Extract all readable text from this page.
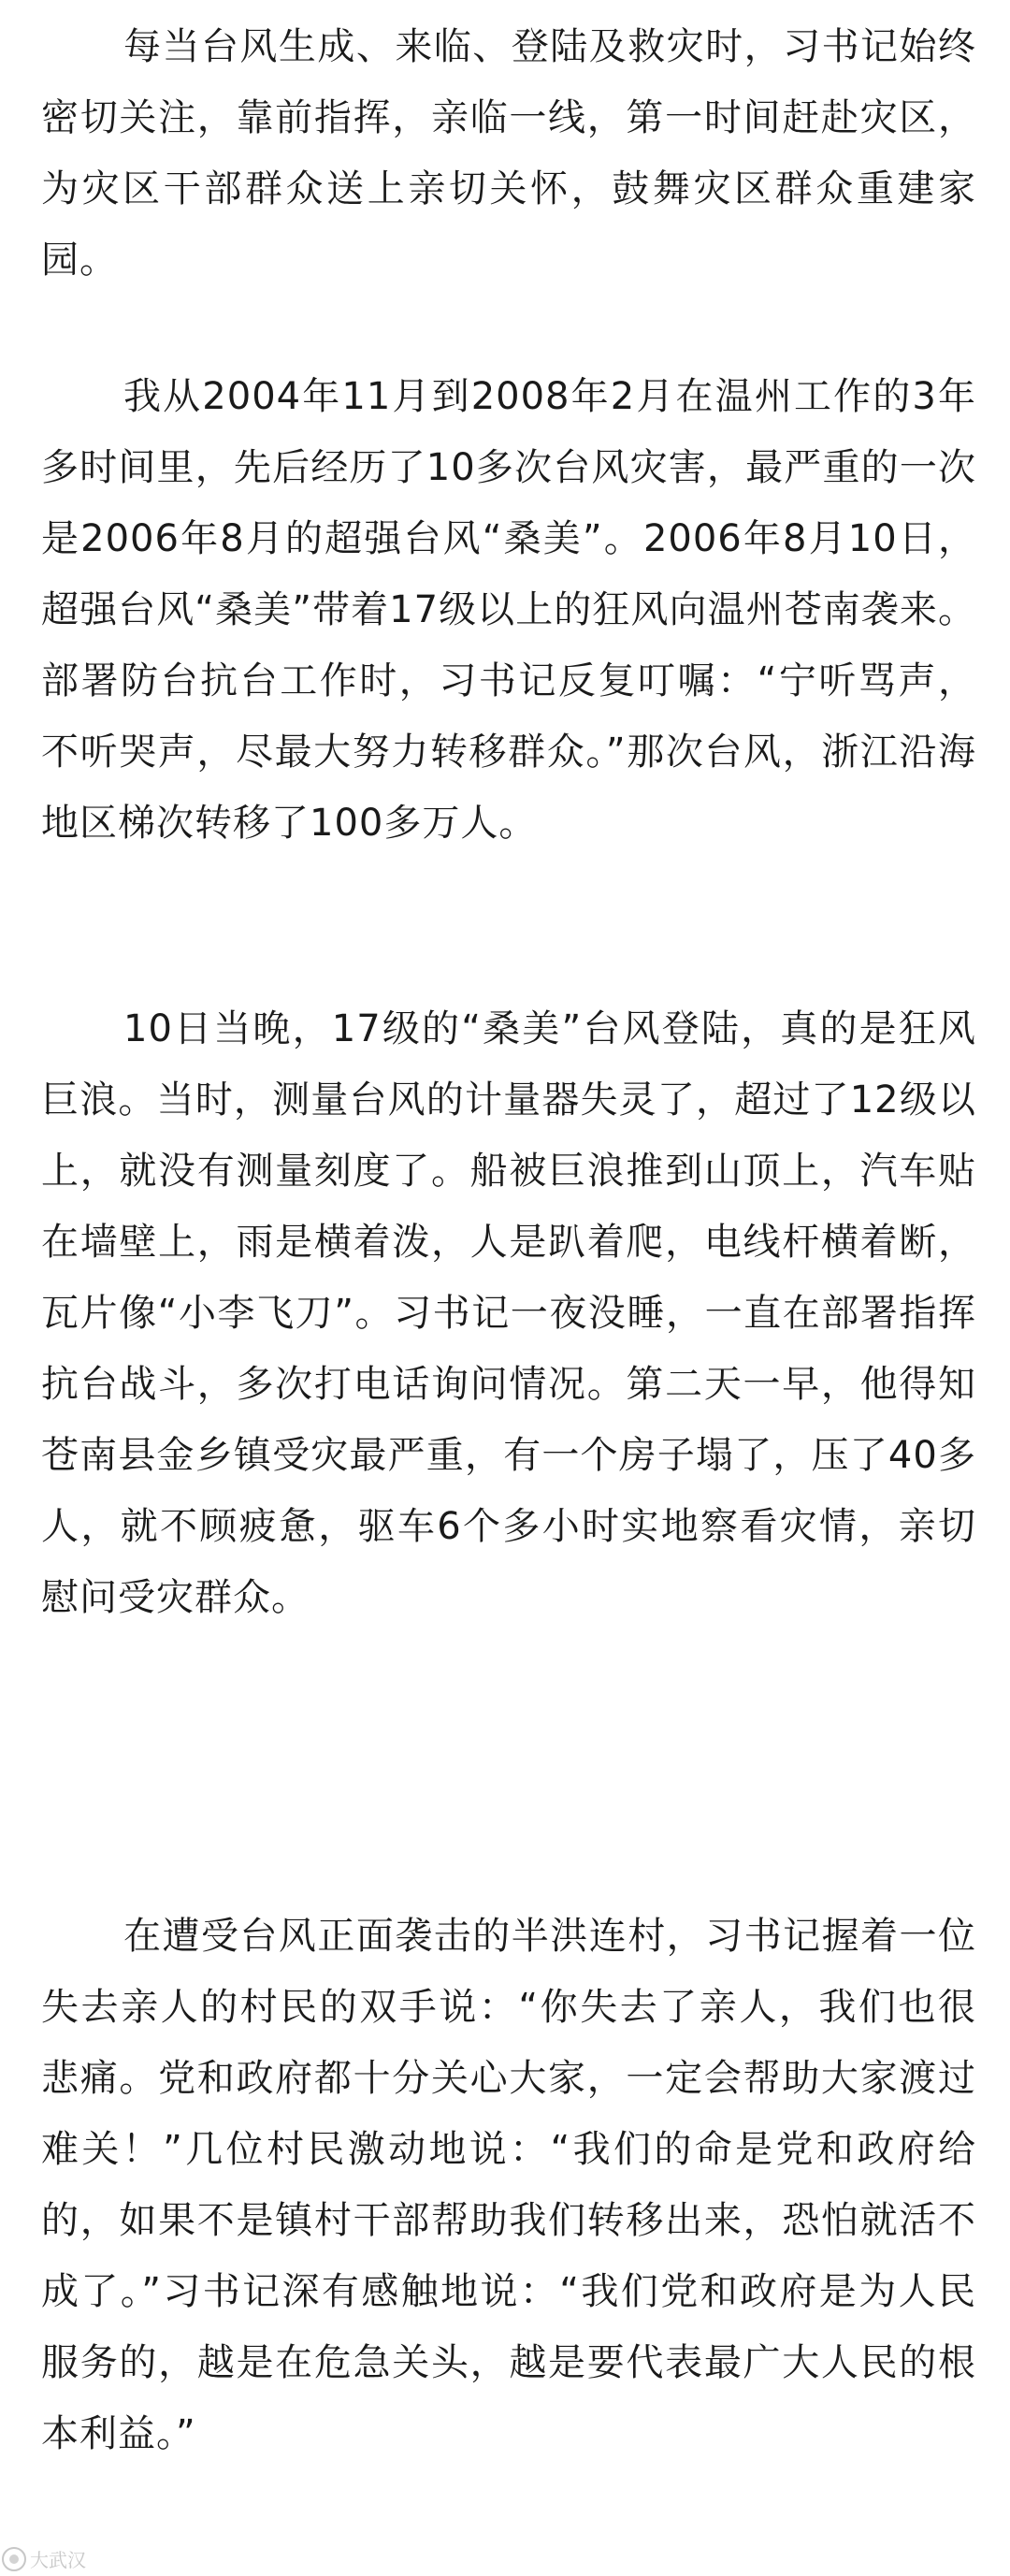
每当台风生成、来临、登陆及救灾时，习书记始终密切关注，靠前指挥，亲临一线，第一时间赶赴灾区，为灾区干部群众送上亲切关怀，鼓舞灾区群众重建家园。

我从2004年11月到2008年2月在温州工作的3年多时间里，先后经历了10多次台风灾害，最严重的一次是2006年8月的超强台风“桑美”。2006年8月10日，超强台风“桑美”带着17级以上的狂风向温州苍南袭来。部署防台抗台工作时，习书记反复叮嘱：“宁听骂声，不听哭声，尽最大努力转移群众。”那次台风，浙江沿海地区梯次转移了100多万人。

10日当晚，17级的“桑美”台风登陆，真的是狂风巨浪。当时，测量台风的计量器失灵了，超过了12级以上，就没有测量刻度了。船被巨浪推到山顶上，汽车贴在墙壁上，雨是横着泼，人是趴着爬，电线杆横着断，瓦片像“小李飞刀”。习书记一夜没睡，一直在部署指挥抗台战斗，多次打电话询问情况。第二天一早，他得知苍南县金乡镇受灾最严重，有一个房子塌了，压了40多人，就不顾疲惫，驱车6个多小时实地察看灾情，亲切慰问受灾群众。

在遭受台风正面袭击的半洪连村，习书记握着一位失去亲人的村民的双手说：“你失去了亲人，我们也很悲痛。党和政府都十分关心大家，一定会帮助大家渡过难关！”几位村民激动地说：“我们的命是党和政府给的，如果不是镇村干部帮助我们转移出来，恐怕就活不成了。”习书记深有感触地说：“我们党和政府是为人民服务的，越是在危急关头，越是要代表最广大人民的根本利益。”

大武汉
